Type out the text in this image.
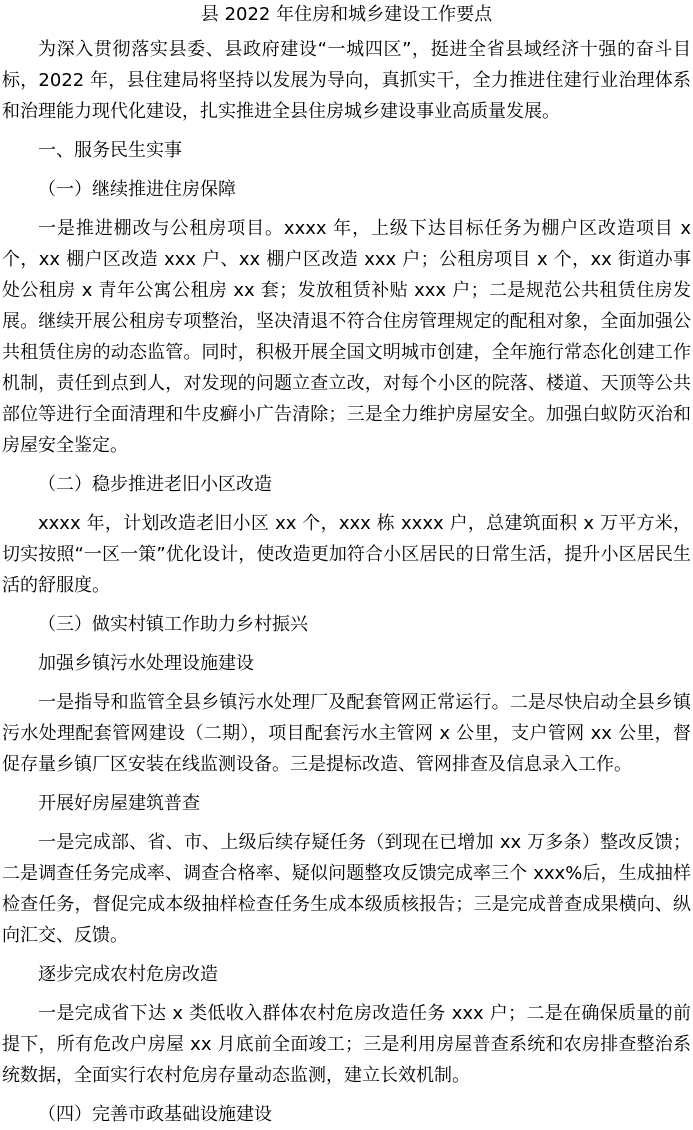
县 2022 年住房和城乡建设工作要点

为深入贯彻落实县委、县政府建设“一城四区”，挺进全省县域经济十强的奋斗目标，2022 年，县住建局将坚持以发展为导向，真抓实干，全力推进住建行业治理体系和治理能力现代化建设，扎实推进全县住房城乡建设事业高质量发展。

一、服务民生实事

（一）继续推进住房保障

一是推进棚改与公租房项目。xxxx 年，上级下达目标任务为棚户区改造项目 x 个，xx 棚户区改造 xxx 户、xx 棚户区改造 xxx 户；公租房项目 x 个，xx 街道办事处公租房 x 青年公寓公租房 xx 套；发放租赁补贴 xxx 户；二是规范公共租赁住房发展。继续开展公租房专项整治，坚决清退不符合住房管理规定的配租对象，全面加强公共租赁住房的动态监管。同时，积极开展全国文明城市创建，全年施行常态化创建工作机制，责任到点到人，对发现的问题立查立改，对每个小区的院落、楼道、天顶等公共部位等进行全面清理和牛皮癣小广告清除；三是全力维护房屋安全。加强白蚁防灭治和房屋安全鉴定。

（二）稳步推进老旧小区改造

xxxx 年，计划改造老旧小区 xx 个，xxx 栋 xxxx 户，总建筑面积 x 万平方米，切实按照“一区一策”优化设计，使改造更加符合小区居民的日常生活，提升小区居民生活的舒服度。

（三）做实村镇工作助力乡村振兴

加强乡镇污水处理设施建设

一是指导和监管全县乡镇污水处理厂及配套管网正常运行。二是尽快启动全县乡镇污水处理配套管网建设（二期），项目配套污水主管网 x 公里，支户管网 xx 公里，督促存量乡镇厂区安装在线监测设备。三是提标改造、管网排查及信息录入工作。

开展好房屋建筑普查

一是完成部、省、市、上级后续存疑任务（到现在已增加 xx 万多条）整改反馈；二是调查任务完成率、调查合格率、疑似问题整攻反馈完成率三个 xxx%后，生成抽样检查任务，督促完成本级抽样检查任务生成本级质核报告；三是完成普查成果横向、纵向汇交、反馈。

逐步完成农村危房改造

一是完成省下达 x 类低收入群体农村危房改造任务 xxx 户；二是在确保质量的前提下，所有危改户房屋 xx 月底前全面竣工；三是利用房屋普查系统和农房排查整治系统数据，全面实行农村危房存量动态监测，建立长效机制。

（四）完善市政基础设施建设
